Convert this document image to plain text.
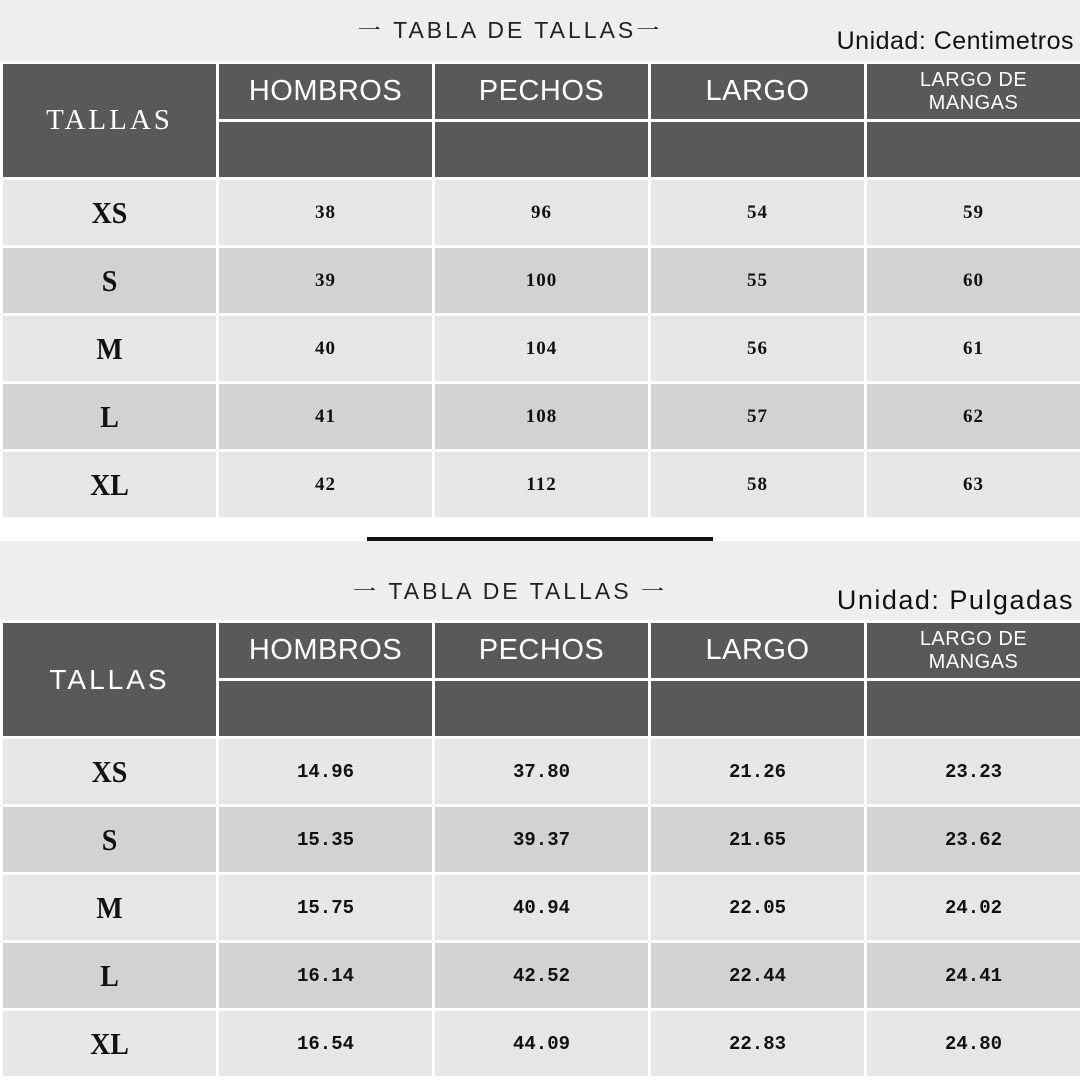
一 TABLA DE TALLAS一	Unidad: Centimetros
TALLAS	HOMBROS	PECHOS	LARGO	LARGO DE MANGAS

XS	38	96	54	59

S	39	100	55	60

M	40	104	56	61

L	41	108	57	62

XL	42	112	58	63
一 TABLA DE TALLAS 一	Unidad: Pulgadas
TALLAS	HOMBROS	PECHOS	LARGO	LARGO DE MANGAS

XS	14.96	37.80	21.26	23.23

S	15.35	39.37	21.65	23.62

M	15.75	40.94	22.05	24.02

L	16.14	42.52	22.44	24.41

XL	16.54	44.09	22.83	24.80
